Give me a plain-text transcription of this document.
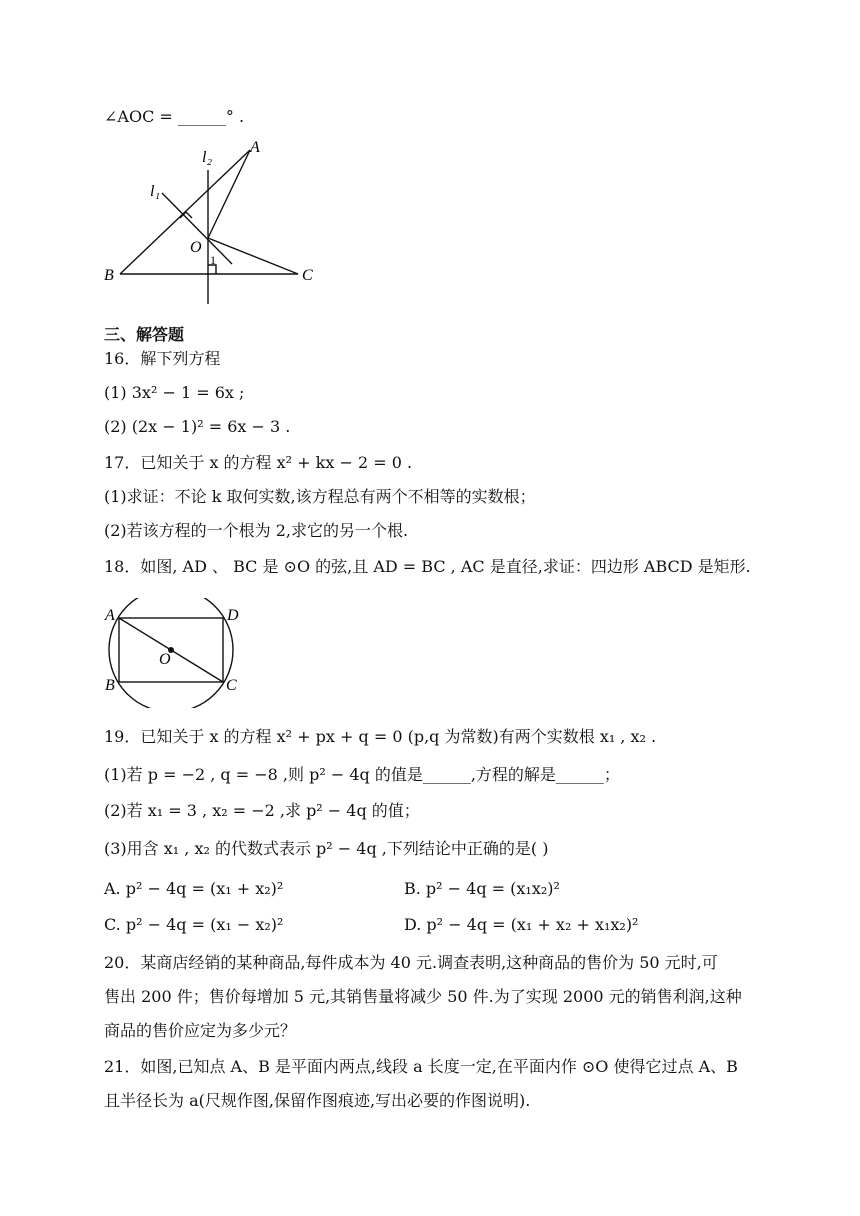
∠AOC = ______° .
l₂
A
l₁
O
1
B	C
三、解答题
16．解下列方程
(1) 3x² − 1 = 6x ;
(2) (2x − 1)² = 6x − 3 .
17．已知关于 x 的方程 x² + kx − 2 = 0 .
(1)求证：不论 k 取何实数,该方程总有两个不相等的实数根；
(2)若该方程的一个根为 2,求它的另一个根.
18．如图, AD 、 BC 是 ⊙O 的弦,且 AD = BC , AC 是直径,求证：四边形 ABCD 是矩形.
A	D
O
B	C
19．已知关于 x 的方程 x² + px + q = 0 (p,q 为常数)有两个实数根 x₁ , x₂ .
(1)若 p = −2 , q = −8 ,则 p² − 4q 的值是______,方程的解是______；
(2)若 x₁ = 3 , x₂ = −2 ,求 p² − 4q 的值；
(3)用含 x₁ , x₂ 的代数式表示 p² − 4q ,下列结论中正确的是( )
A. p² − 4q = (x₁ + x₂)²	B. p² − 4q = (x₁x₂)²
C. p² − 4q = (x₁ − x₂)²	D. p² − 4q = (x₁ + x₂ + x₁x₂)²
20．某商店经销的某种商品,每件成本为 40 元.调查表明,这种商品的售价为 50 元时,可
售出 200 件；售价每增加 5 元,其销售量将减少 50 件.为了实现 2000 元的销售利润,这种
商品的售价应定为多少元？
21．如图,已知点 A、B 是平面内两点,线段 a 长度一定,在平面内作 ⊙O 使得它过点 A、B
且半径长为 a(尺规作图,保留作图痕迹,写出必要的作图说明).
